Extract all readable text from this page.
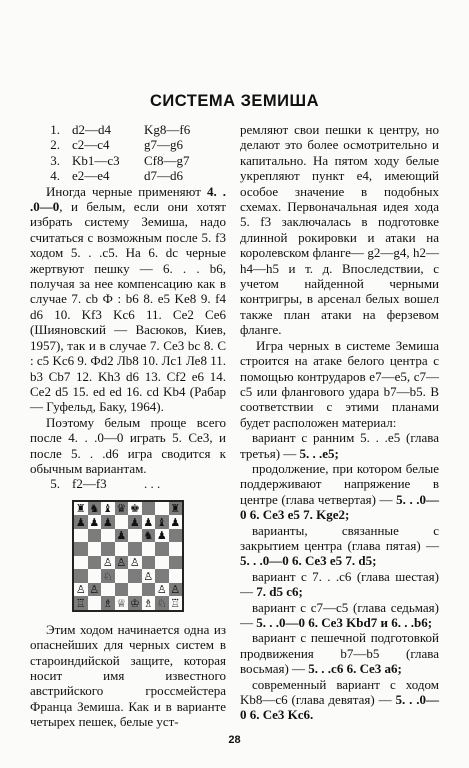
СИСТЕМА ЗЕМИША
1.	d2—d4	Kg8—f6
2.	c2—c4	g7—g6
3.	Kb1—c3	Cf8—g7
4.	e2—e4	d7—d6

Иногда черные применяют 4. . .0—0, и белым, если они хотят избрать систему Земиша, надо считаться с возможным после 5. f3 ходом 5. . .c5. На 6. dc черные жертвуют пешку — 6. . . b6, получая за нее компенсацию как в случае 7. cb Ф : b6 8. e5 Ke8 9. f4 d6 10. Kf3 Kc6 11. Ce2 Ce6 (Шияновский — Васюков, Киев, 1957), так и в случае 7. Ce3 bc 8. C : c5 Kc6 9. Фd2 Лb8 10. Лc1 Ле8 11. b3 Cb7 12. Kh3 d6 13. Cf2 e6 14. Ce2 d5 15. ed ed 16. cd Kb4 (Рабар — Гуфельд, Баку, 1964).

Поэтому белым проще всего после 4. . .0—0 играть 5. Ce3, и после 5. . .d6 игра сводится к обычным вариантам.

5.	f2—f3	. . .
♜ ♞ ♝ ♛ ♚	♜
♟ ♟ ♟ ♟ ♟ ♝ ♟
♟ ♞ ♟
♙ ♙ ♙
♘	♙
♙ ♙	♙ ♙
♖ ♗ ♕ ♔ ♗ ♘ ♖

Этим ходом начинается одна из опаснейших для черных систем в староиндийской защите, которая носит имя известного австрийского гроссмейстера Франца Земиша. Как и в варианте четырех пешек, белые уст-

ремляют свои пешки к центру, но делают это более осмотрительно и капитально. На пятом ходу белые укрепляют пункт e4, имеющий особое значение в подобных схемах. Первоначальная идея хода 5. f3 заключалась в подготовке длинной рокировки и атаки на королевском фланге— g2—g4, h2—h4—h5 и т. д. Впоследствии, с учетом найденной черными контригры, в арсенал белых вошел также план атаки на ферзевом фланге.

Игра черных в системе Земиша строится на атаке белого центра с помощью контрударов e7—e5, c7—c5 или флангового удара b7—b5. В соответствии с этими планами будет расположен материал:

вариант с ранним 5. . .e5 (глава третья) — 5. . .e5;

продолжение, при котором белые поддерживают напряжение в центре (глава четвертая) — 5. . .0—0 6. Ce3 e5 7. Kge2;

варианты, связанные с закрытием центра (глава пятая) — 5. . .0—0 6. Ce3 e5 7. d5;

вариант с 7. . .c6 (глава шестая) — 7. d5 c6;

вариант с c7—c5 (глава седьмая) — 5. . .0—0 6. Ce3 Kbd7 и 6. . .b6;

вариант с пешечной подготовкой продвижения b7—b5 (глава восьмая) — 5. . .c6 6. Ce3 a6;

современный вариант с ходом Kb8—c6 (глава девятая) — 5. . .0—0 6. Ce3 Kc6.

28
